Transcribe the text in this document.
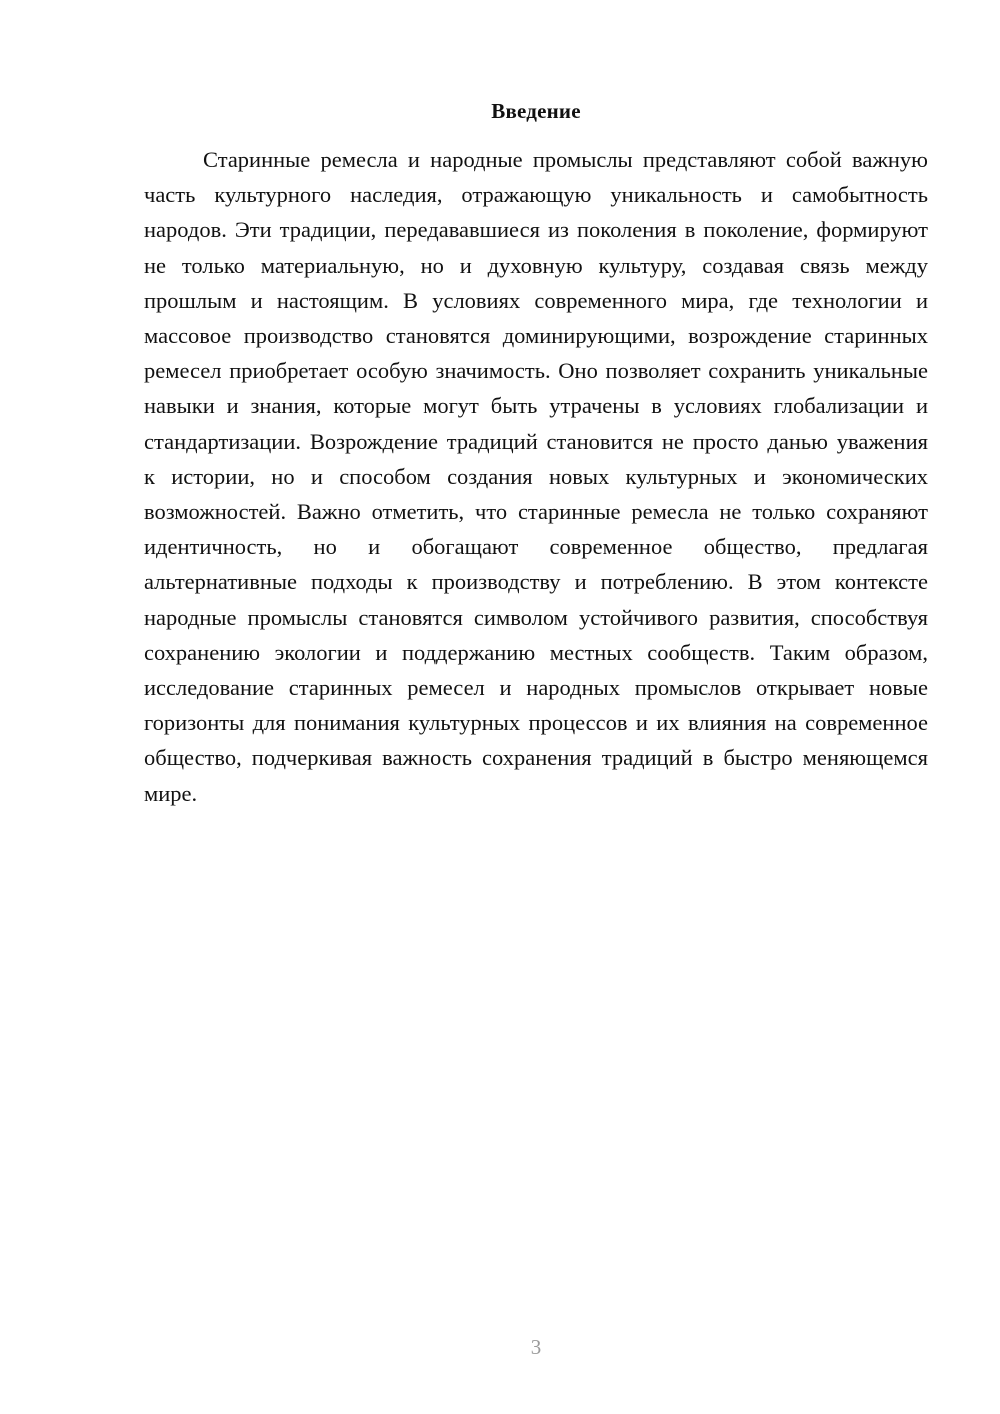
Введение

Старинные ремесла и народные промыслы представляют собой важную часть культурного наследия, отражающую уникальность и самобытность народов. Эти традиции, передававшиеся из поколения в поколение, формируют не только материальную, но и духовную культуру, создавая связь между прошлым и настоящим. В условиях современного мира, где технологии и массовое производство становятся доминирующими, возрождение старинных ремесел приобретает особую значимость. Оно позволяет сохранить уникальные навыки и знания, которые могут быть утрачены в условиях глобализации и стандартизации. Возрождение традиций становится не просто данью уважения к истории, но и способом создания новых культурных и экономических возможностей. Важно отметить, что старинные ремесла не только сохраняют идентичность, но и обогащают современное общество, предлагая альтернативные подходы к производству и потреблению. В этом контексте народные промыслы становятся символом устойчивого развития, способствуя сохранению экологии и поддержанию местных сообществ. Таким образом, исследование старинных ремесел и народных промыслов открывает новые горизонты для понимания культурных процессов и их влияния на современное общество, подчеркивая важность сохранения традиций в быстро меняющемся мире.

3
